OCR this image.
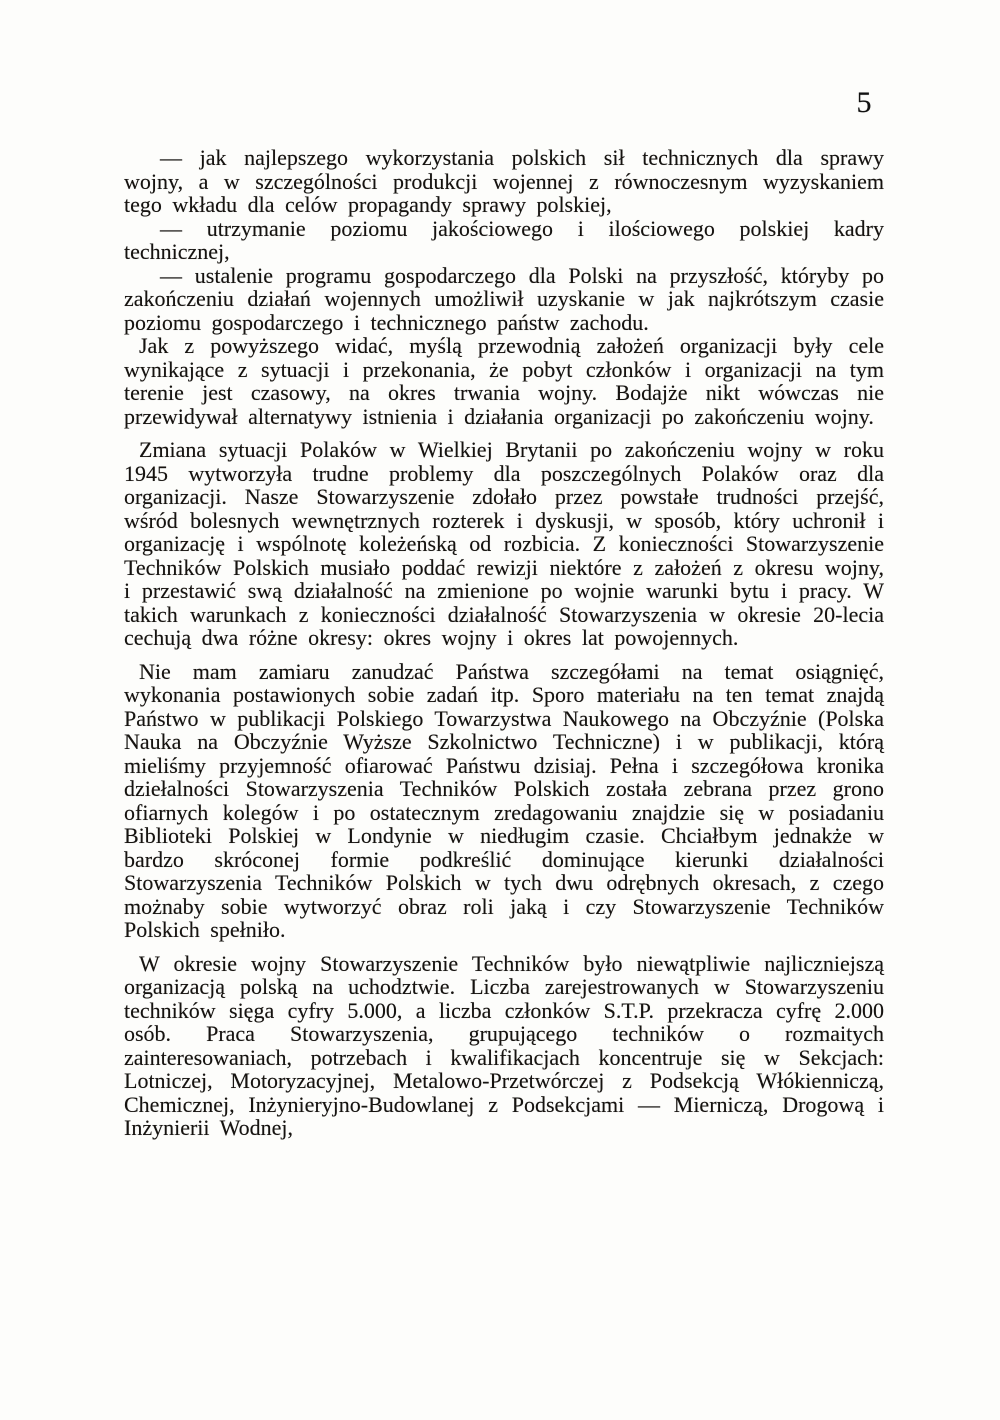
5

— jak najlepszego wykorzystania polskich sił technicznych dla sprawy wojny, a w szczególności produkcji wojennej z równoczesnym wyzyskaniem tego wkładu dla celów propagandy sprawy polskiej,

— utrzymanie poziomu jakościowego i ilościowego polskiej kadry technicznej,

— ustalenie programu gospodarczego dla Polski na przyszłość, któryby po zakończeniu działań wojennych umożliwił uzyskanie w jak najkrótszym czasie poziomu gospodarczego i technicznego państw zachodu.

Jak z powyższego widać, myślą przewodnią założeń organizacji były cele wynikające z sytuacji i przekonania, że pobyt członków i organizacji na tym terenie jest czasowy, na okres trwania wojny. Bodajże nikt wówczas nie przewidywał alternatywy istnienia i działania organizacji po zakończeniu wojny.

Zmiana sytuacji Polaków w Wielkiej Brytanii po zakończeniu wojny w roku 1945 wytworzyła trudne problemy dla poszczególnych Polaków oraz dla organizacji. Nasze Stowarzyszenie zdołało przez powstałe trudności przejść, wśród bolesnych wewnętrznych rozterek i dyskusji, w sposób, który uchronił i organizację i wspólnotę koleżeńską od rozbicia. Z konieczności Stowarzyszenie Techników Polskich musiało poddać rewizji niektóre z założeń z okresu wojny, i przestawić swą działalność na zmienione po wojnie warunki bytu i pracy. W takich warunkach z konieczności działalność Stowarzyszenia w okresie 20-lecia cechują dwa różne okresy: okres wojny i okres lat powojennych.

Nie mam zamiaru zanudzać Państwa szczegółami na temat osiągnięć, wykonania postawionych sobie zadań itp. Sporo materiału na ten temat znajdą Państwo w publikacji Polskiego Towarzystwa Naukowego na Obczyźnie (Polska Nauka na Obczyźnie Wyższe Szkolnictwo Techniczne) i w publikacji, którą mieliśmy przyjemność ofiarować Państwu dzisiaj. Pełna i szczegółowa kronika dziełalności Stowarzyszenia Techników Polskich została zebrana przez grono ofiarnych kolegów i po ostatecznym zredagowaniu znajdzie się w posiadaniu Biblioteki Polskiej w Londynie w niedługim czasie. Chciałbym jednakże w bardzo skróconej formie podkreślić dominujące kierunki działalności Stowarzyszenia Techników Polskich w tych dwu odrębnych okresach, z czego możnaby sobie wytworzyć obraz roli jaką i czy Stowarzyszenie Techników Polskich spełniło.

W okresie wojny Stowarzyszenie Techników było niewątpliwie najliczniejszą organizacją polską na uchodztwie. Liczba zarejestrowanych w Stowarzyszeniu techników sięga cyfry 5.000, a liczba członków S.T.P. przekracza cyfrę 2.000 osób. Praca Stowarzyszenia, grupującego techników o rozmaitych zainteresowaniach, potrzebach i kwalifikacjach koncentruje się w Sekcjach: Lotniczej, Motoryzacyjnej, Metalowo-Przetwórczej z Podsekcją Włókienniczą, Chemicznej, Inżynieryjno-Budowlanej z Podsekcjami — Mierniczą, Drogową i Inżynierii Wodnej,
